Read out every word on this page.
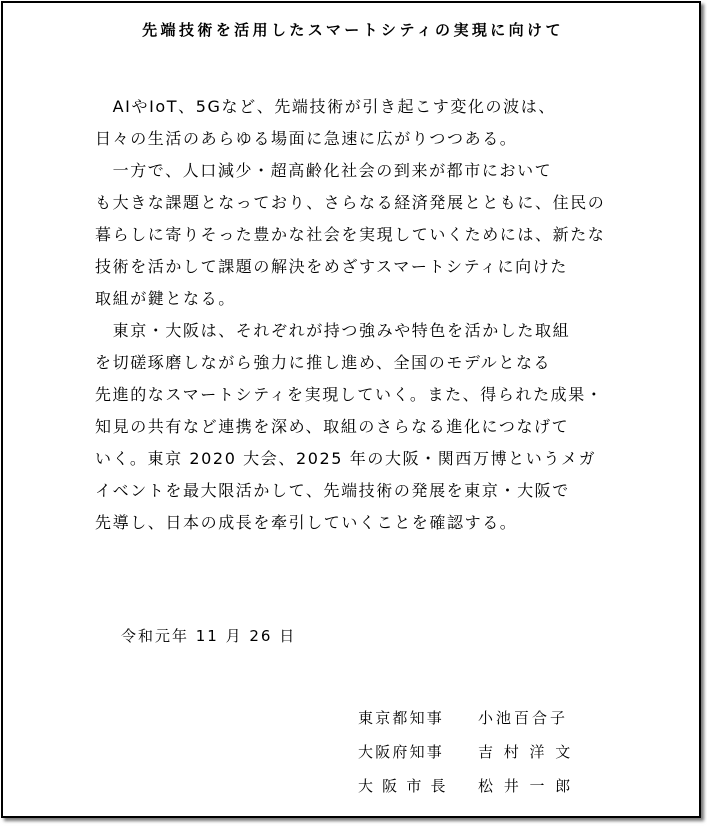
先端技術を活用したスマートシティの実現に向けて

　AIやIoT、5Gなど、先端技術が引き起こす変化の波は、

日々の生活のあらゆる場面に急速に広がりつつある。

　一方で、人口減少・超高齢化社会の到来が都市において

も大きな課題となっており、さらなる経済発展とともに、住民の

暮らしに寄りそった豊かな社会を実現していくためには、新たな

技術を活かして課題の解決をめざすスマートシティに向けた

取組が鍵となる。

　東京・大阪は、それぞれが持つ強みや特色を活かした取組

を切磋琢磨しながら強力に推し進め、全国のモデルとなる

先進的なスマートシティを実現していく。また、得られた成果・

知見の共有など連携を深め、取組のさらなる進化につなげて

いく。東京 2020 大会、2025 年の大阪・関西万博というメガ

イベントを最大限活かして、先端技術の発展を東京・大阪で

先導し、日本の成長を牽引していくことを確認する。

令和元年 11 月 26 日
東京都知事 小池百合子
大阪府知事 吉 村 洋 文
大 阪 市 長 松 井 一 郎
